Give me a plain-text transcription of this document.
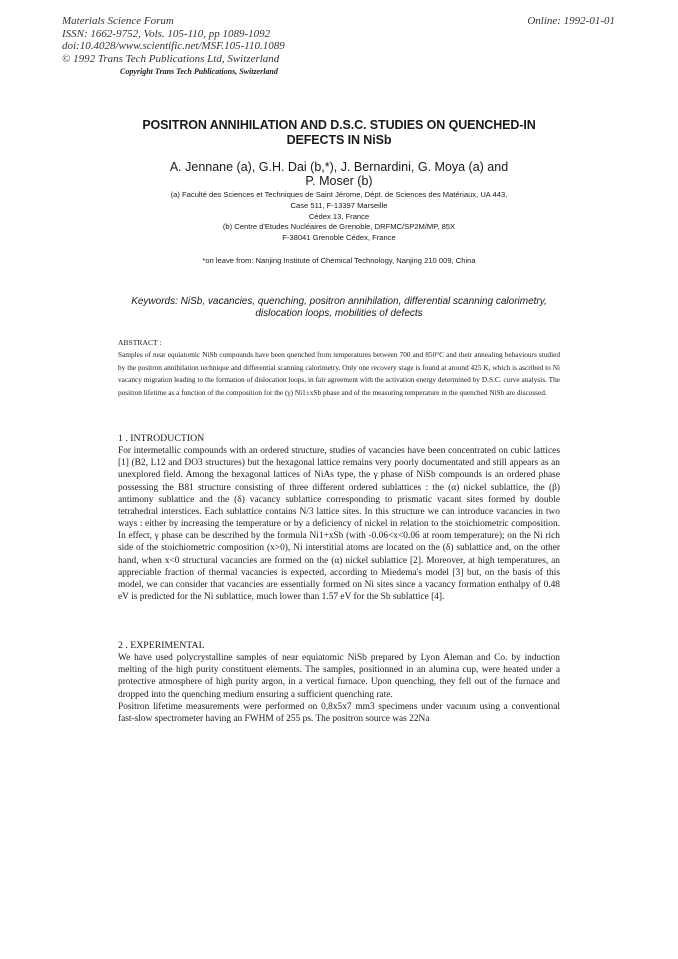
Materials Science Forum
ISSN: 1662-9752, Vols. 105-110, pp 1089-1092
doi:10.4028/www.scientific.net/MSF.105-110.1089
© 1992 Trans Tech Publications Ltd, Switzerland
Copyright Trans Tech Publications, Switzerland
Online: 1992-01-01
POSITRON ANNIHILATION AND D.S.C. STUDIES ON QUENCHED-IN
DEFECTS IN NiSb
A. Jennane (a), G.H. Dai (b,*), J. Bernardini, G. Moya (a) and
P. Moser (b)
(a) Faculté des Sciences et Techniques de Saint Jérome, Dépt. de Sciences des Matériaux, UA 443,
Case 511, F-13397 Marseille
Cédex 13, France
(b) Centre d'Etudes Nucléaires de Grenoble, DRFMC/SP2M/MP, 85X
F-38041 Grenoble Cédex, France
*on leave from: Nanjing Institute of Chemical Technology, Nanjing 210 009, China
Keywords: NiSb, vacancies, quenching, positron annihilation, differential scanning calorimetry,
dislocation loops, mobilities of defects
ABSTRACT :
Samples of near equiatomic NiSb compounds have been quenched from temperatures between 700 and 850°C and their annealing behaviours studied by the positron annihilation technique and differential scanning calorimetry. Only one recovery stage is found at around 425 K, which is ascribed to Ni vacancy migration leading to the formation of dislocation loops, in fair agreement with the activation energy determined by D.S.C. curve analysis. The positron lifetime as a function of the composition for the (γ) Ni1±xSb phase and of the measuring temperature in the quenched NiSb are discussed.
1 . INTRODUCTION

For intermetallic compounds with an ordered structure, studies of vacancies have been concentrated on cubic lattices [1] (B2, L12 and DO3 structures) but the hexagonal lattice remains very poorly documentated and still appears as an unexplored field. Among the hexagonal lattices of NiAs type, the γ phase of NiSb compounds is an ordered phase possessing the B81 structure consisting of three different ordered sublattices : the (α) nickel sublattice, the (β) antimony sublattice and the (δ) vacancy sublattice corresponding to prismatic vacant sites formed by double tetrahedral interstices. Each sublattice contains N/3 lattice sites. In this structure we can introduce vacancies in two ways : either by increasing the temperature or by a deficiency of nickel in relation to the stoichiometric composition. In effect, γ phase can be described by the formula Ni1+xSb (with -0.06<x<0.06 at room temperature); on the Ni rich side of the stoichiometric composition (x>0), Ni interstitial atoms are located on the (δ) sublattice and, on the other hand, when x<0 structural vacancies are formed on the (α) nickel sublattice [2]. Moreover, at high temperatures, an appreciable fraction of thermal vacancies is expected, according to Miedema's model [3] but, on the basis of this model, we can consider that vacancies are essentially formed on Ni sites since a vacancy formation enthalpy of 0.48 eV is predicted for the Ni sublattice, much lower than 1.57 eV for the Sb sublattice [4].

2 . EXPERIMENTAL

We have used polycrystalline samples of near equiatomic NiSb prepared by Lyon Aleman and Co. by induction melting of the high purity constituent elements. The samples, positionned in an alumina cup, were heated under a protective atmosphere of high purity argon, in a vertical furnace. Upon quenching, they fell out of the furnace and dropped into the quenching medium ensuring a sufficient quenching rate.

Positron lifetime measurements were performed on 0,8x5x7 mm3 specimens under vacuum using a conventional fast-slow spectrometer having an FWHM of 255 ps. The positron source was 22Na
